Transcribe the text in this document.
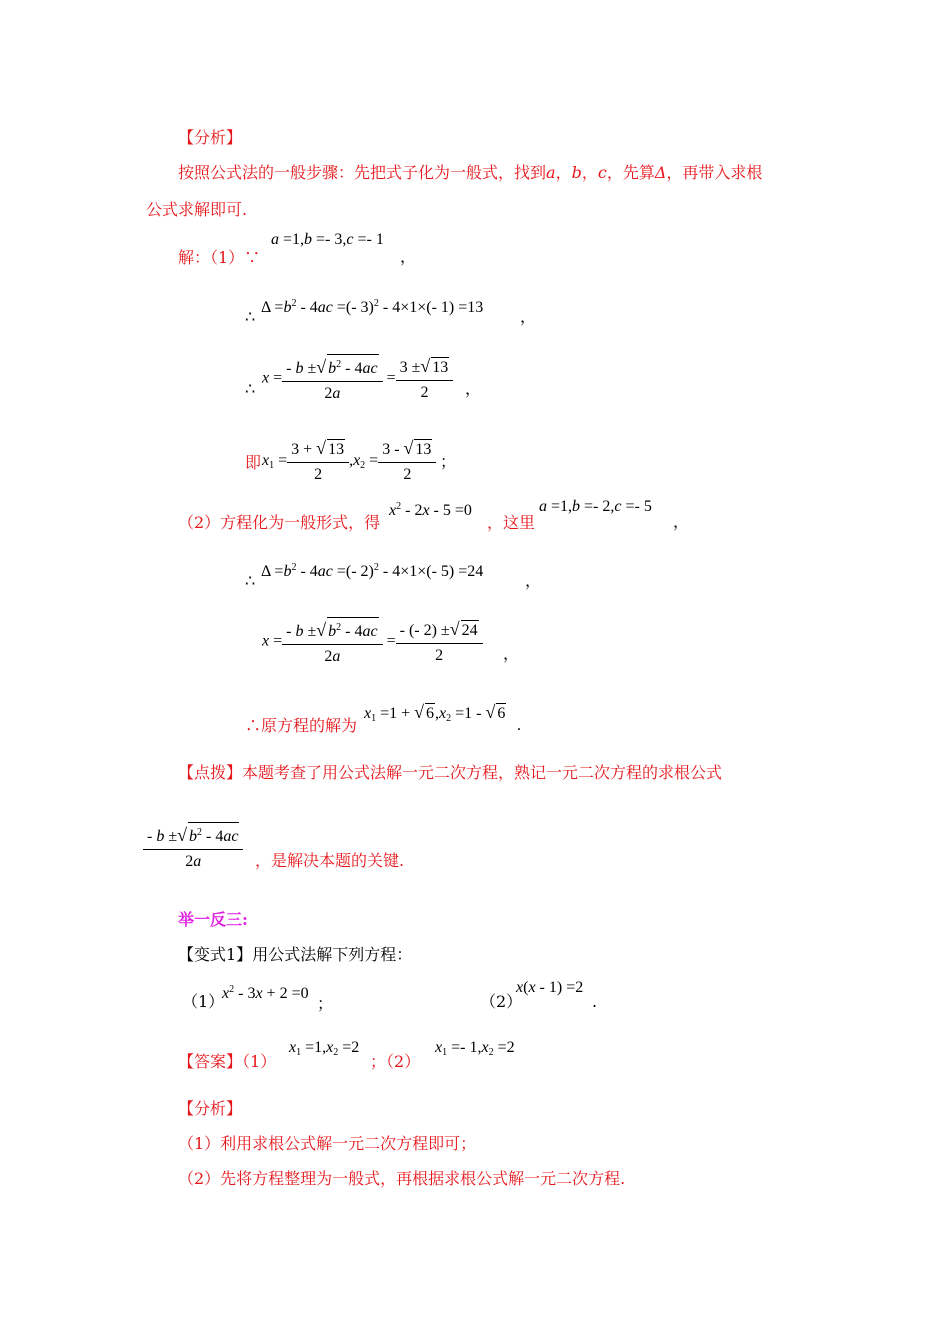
【分析】
按照公式法的一般步骤：先把式子化为一般式，找到a，b，c，先算Δ，再带入求根
公式求解即可.
解：（1）∵
a =1,b =- 3,c =- 1
，
∴
$\Delta =b^2 - 4ac$ =(- 3)$^2$ - 4×1×(- 1) =13
，
∴
$x = \frac{- b \pm√ b^2 - 4ac}{2a} = \frac{3 \pm√ 13}{2}$ ，
即 $x_1 = \frac{3 + √ 13}{2} ,x_2 = \frac{3 - √ 13}{2}$ ；
（2）方程化为一般形式，得
$x^2 - 2x - 5 =0$
，这里
a =1,b =- 2,c =- 5
，
∴
$\Delta =b^2 - 4ac$ =(- 2)$^2$ - 4×1×(- 5) =24
，
$x = \frac{- b \pm√ b^2 - 4ac}{2a} = \frac{- (- 2) \pm√ 24}{2}$ ，
∴原方程的解为
$x_1 =1$ + √ $6,x_2 =1$ - √ 6
.
【点拨】本题考查了用公式法解一元二次方程，熟记一元二次方程的求根公式
$\frac{- b \pm√ b^2 - 4ac}{2a}$ ，是解决本题的关键.
举一反三:
【变式1】用公式法解下列方程：
（1）
$x^2 - 3x + 2 =0$
；	（2）
x(x - 1) =2
.
【答案】（1）
$x_1 =1,x_2 =2$
；（2）
$x_1 =- 1,x_2 =2$
【分析】
（1）利用求根公式解一元二次方程即可；
（2）先将方程整理为一般式，再根据求根公式解一元二次方程.
